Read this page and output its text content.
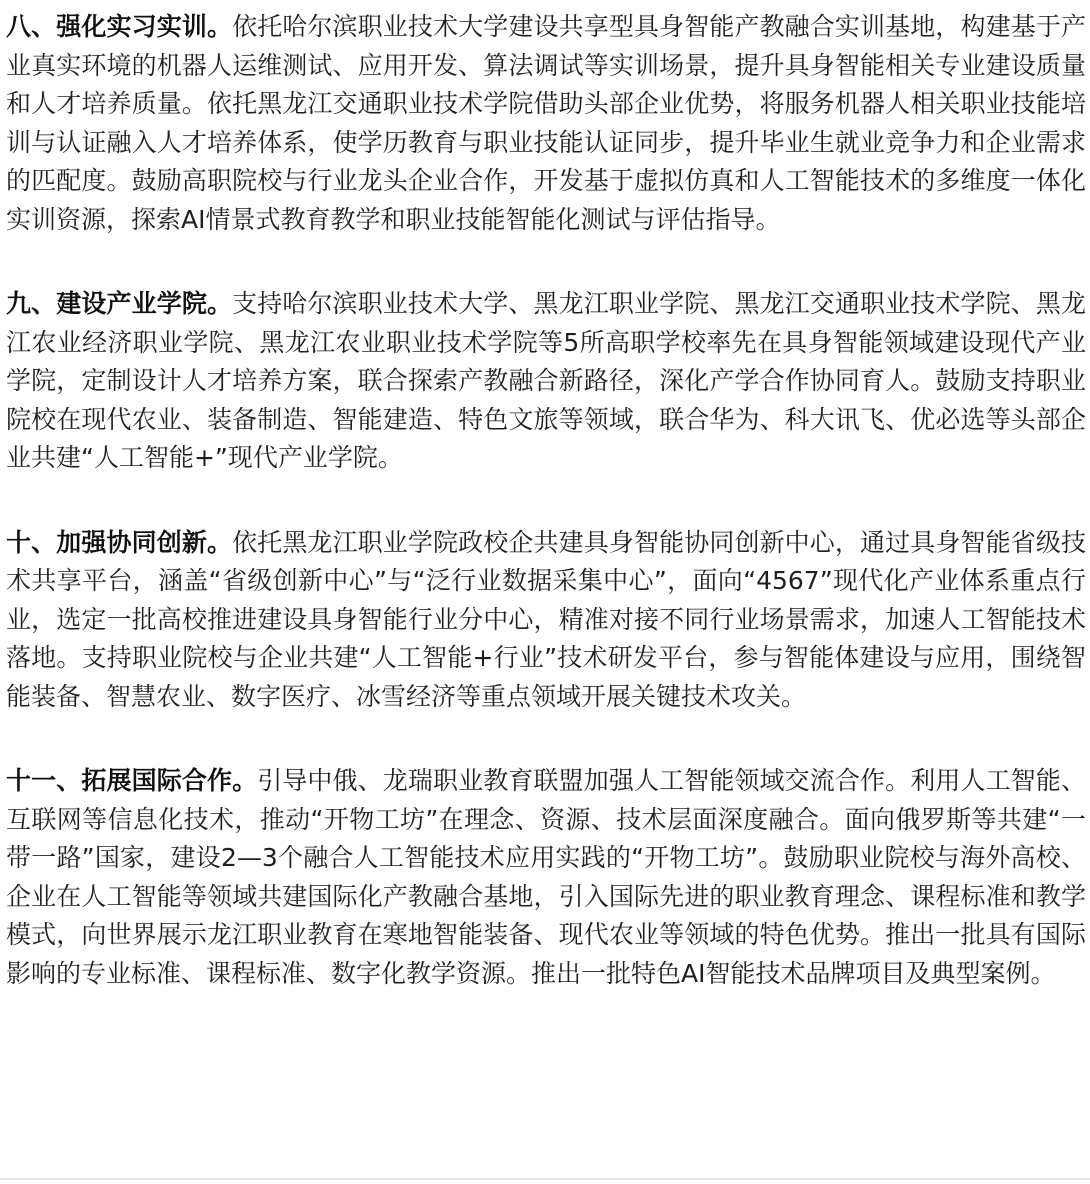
八、强化实习实训。依托哈尔滨职业技术大学建设共享型具身智能产教融合实训基地，构建基于产业真实环境的机器人运维测试、应用开发、算法调试等实训场景，提升具身智能相关专业建设质量和人才培养质量。依托黑龙江交通职业技术学院借助头部企业优势，将服务机器人相关职业技能培训与认证融入人才培养体系，使学历教育与职业技能认证同步，提升毕业生就业竞争力和企业需求的匹配度。鼓励高职院校与行业龙头企业合作，开发基于虚拟仿真和人工智能技术的多维度一体化实训资源，探索AI情景式教育教学和职业技能智能化测试与评估指导。

九、建设产业学院。支持哈尔滨职业技术大学、黑龙江职业学院、黑龙江交通职业技术学院、黑龙江农业经济职业学院、黑龙江农业职业技术学院等5所高职学校率先在具身智能领域建设现代产业学院，定制设计人才培养方案，联合探索产教融合新路径，深化产学合作协同育人。鼓励支持职业院校在现代农业、装备制造、智能建造、特色文旅等领域，联合华为、科大讯飞、优必选等头部企业共建“人工智能+”现代产业学院。

十、加强协同创新。依托黑龙江职业学院政校企共建具身智能协同创新中心，通过具身智能省级技术共享平台，涵盖“省级创新中心”与“泛行业数据采集中心”，面向“4567”现代化产业体系重点行业，选定一批高校推进建设具身智能行业分中心，精准对接不同行业场景需求，加速人工智能技术落地。支持职业院校与企业共建“人工智能+行业”技术研发平台，参与智能体建设与应用，围绕智能装备、智慧农业、数字医疗、冰雪经济等重点领域开展关键技术攻关。

十一、拓展国际合作。引导中俄、龙瑞职业教育联盟加强人工智能领域交流合作。利用人工智能、互联网等信息化技术，推动“开物工坊”在理念、资源、技术层面深度融合。面向俄罗斯等共建“一带一路”国家，建设2—3个融合人工智能技术应用实践的“开物工坊”。鼓励职业院校与海外高校、企业在人工智能等领域共建国际化产教融合基地，引入国际先进的职业教育理念、课程标准和教学模式，向世界展示龙江职业教育在寒地智能装备、现代农业等领域的特色优势。推出一批具有国际影响的专业标准、课程标准、数字化教学资源。推出一批特色AI智能技术品牌项目及典型案例。
